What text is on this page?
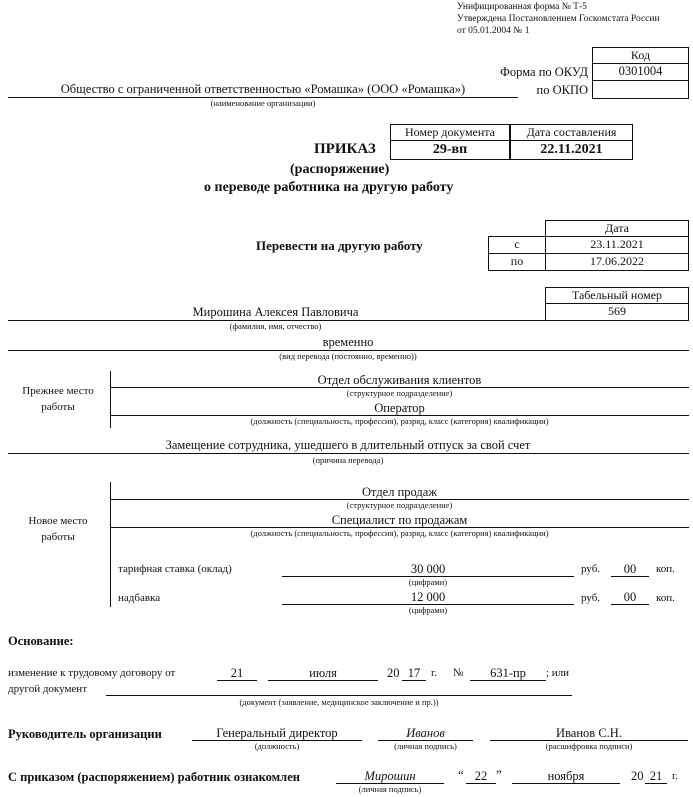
Унифицированная форма № Т-5
Утверждена Постановлением Госкомстата России
от 05.01.2004 № 1
Код
0301004
Форма по ОКУД
по ОКПО
Общество с ограниченной ответственностью «Ромашка» (ООО «Ромашка»)
(наименование организации)
Номер документа	Дата составления
29-вп	22.11.2021
ПРИКАЗ
(распоряжение)
о переводе работника на другую работу
Перевести на другую работу
Дата
с	23.11.2021
по	17.06.2022
Табельный номер
569
Мирошина Алексея Павловича
(фамилия, имя, отчество)
временно
(вид перевода (постоянно, временно))
Прежнее место
работы
Отдел обслуживания клиентов
(структурное подразделение)
Оператор
(должность (специальность, профессия), разряд, класс (категория) квалификации)
Замещение сотрудника, ушедшего в длительный отпуск за свой счет
(причина перевода)
Новое место
работы
Отдел продаж
(структурное подразделение)
Специалист по продажам
(должность (специальность, профессия), разряд, класс (категория) квалификации)
тарифная ставка (оклад)	30 000
(цифрами)
руб.	00	коп.
надбавка	12 000
(цифрами)
руб.	00	коп.
Основание:
изменение к трудовому договору от	21	июля	20 17 г. №	631-пр	; или
другой документ
(документ (заявление, медицинское заключение и пр.))
Руководитель организации	Генеральный директор
(должность)
Иванов
(личная подпись)
Иванов С.Н.
(расшифровка подписи)
С приказом (распоряжением) работник ознакомлен	Мирошин
(личная подпись)
“ 22 ”	ноября	20 21 г.
